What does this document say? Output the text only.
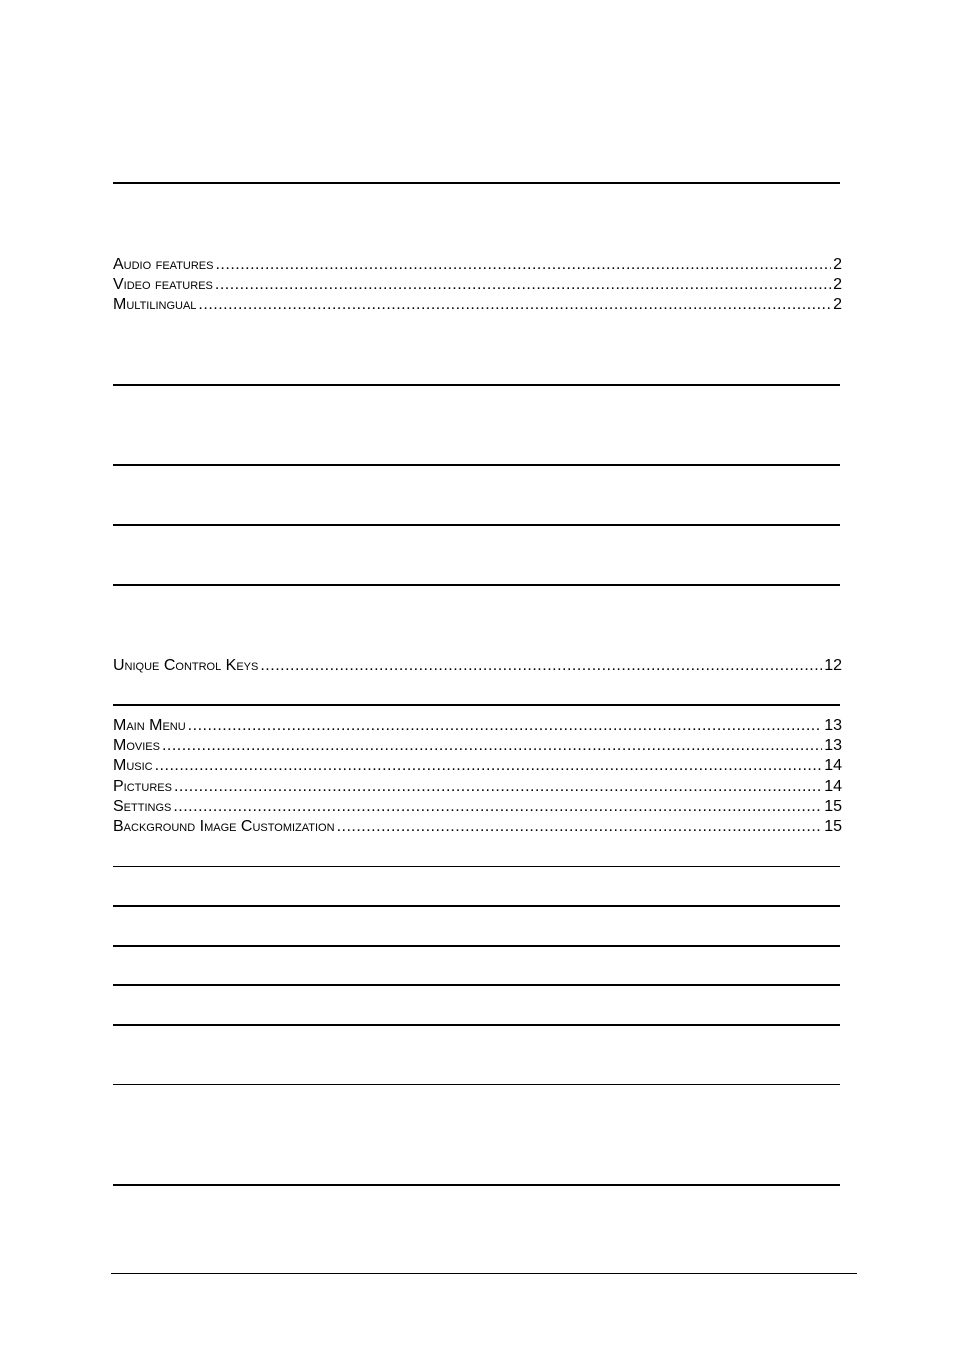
Audio features .....	2
Video features .....	2
Multilingual .....	2
Unique Control Keys .....	12
Main Menu .....	13
Movies .....	13
Music .....	14
Pictures .....	14
Settings .....	15
Background Image Customization .....	15
